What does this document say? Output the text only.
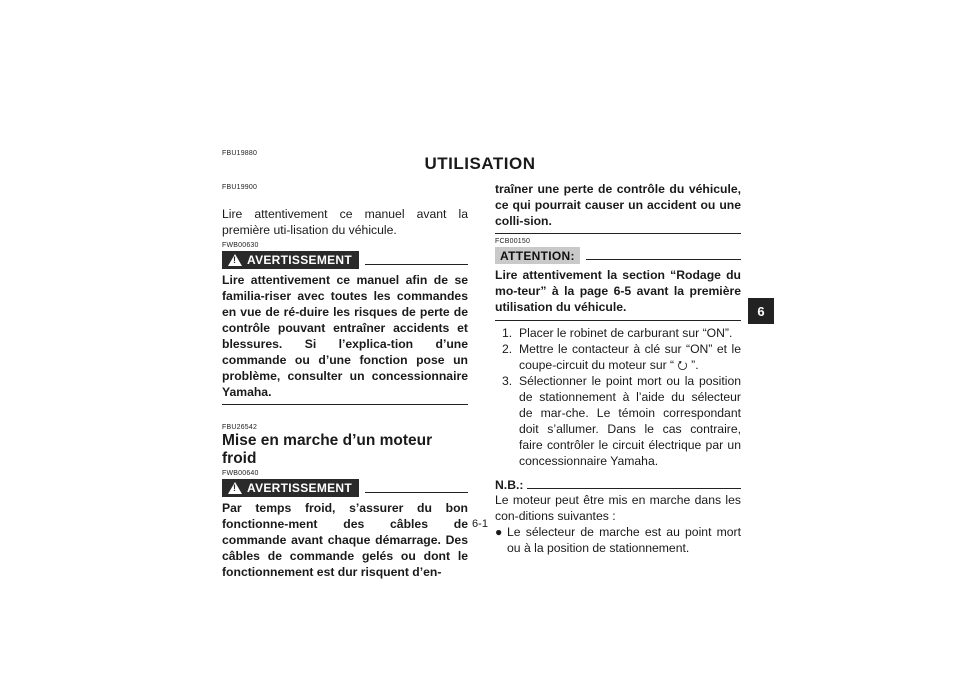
FBU19880
UTILISATION
6
FBU19900
Lire attentivement ce manuel avant la première uti-lisation du véhicule.
FWB00630
!
AVERTISSEMENT
Lire attentivement ce manuel afin de se familia-riser avec toutes les commandes en vue de ré-duire les risques de perte de contrôle pouvant entraîner accidents et blessures. Si l’explica-tion d’une commande ou d’une fonction pose un problème, consulter un concessionnaire Yamaha.
FBU26542
Mise en marche d’un moteur froid
FWB00640
!
AVERTISSEMENT
Par temps froid, s’assurer du bon fonctionne-ment des câbles de commande avant chaque démarrage. Des câbles de commande gelés ou dont le fonctionnement est dur risquent d’en-
traîner une perte de contrôle du véhicule, ce qui pourrait causer un accident ou une colli-sion.
FCB00150
ATTENTION:
Lire attentivement la section “Rodage du mo-teur” à la page 6-5 avant la première utilisation du véhicule.
1. Placer le robinet de carburant sur “ON”.
2. Mettre le contacteur à clé sur “ON” et le coupe-circuit du moteur sur “ ⭮ ”.
3. Sélectionner le point mort ou la position de stationnement à l’aide du sélecteur de mar-che. Le témoin correspondant doit s’allumer. Dans le cas contraire, faire contrôler le circuit électrique par un concessionnaire Yamaha.
N.B.:
Le moteur peut être mis en marche dans les con-ditions suivantes :
● Le sélecteur de marche est au point mort ou à la position de stationnement.
6-1
